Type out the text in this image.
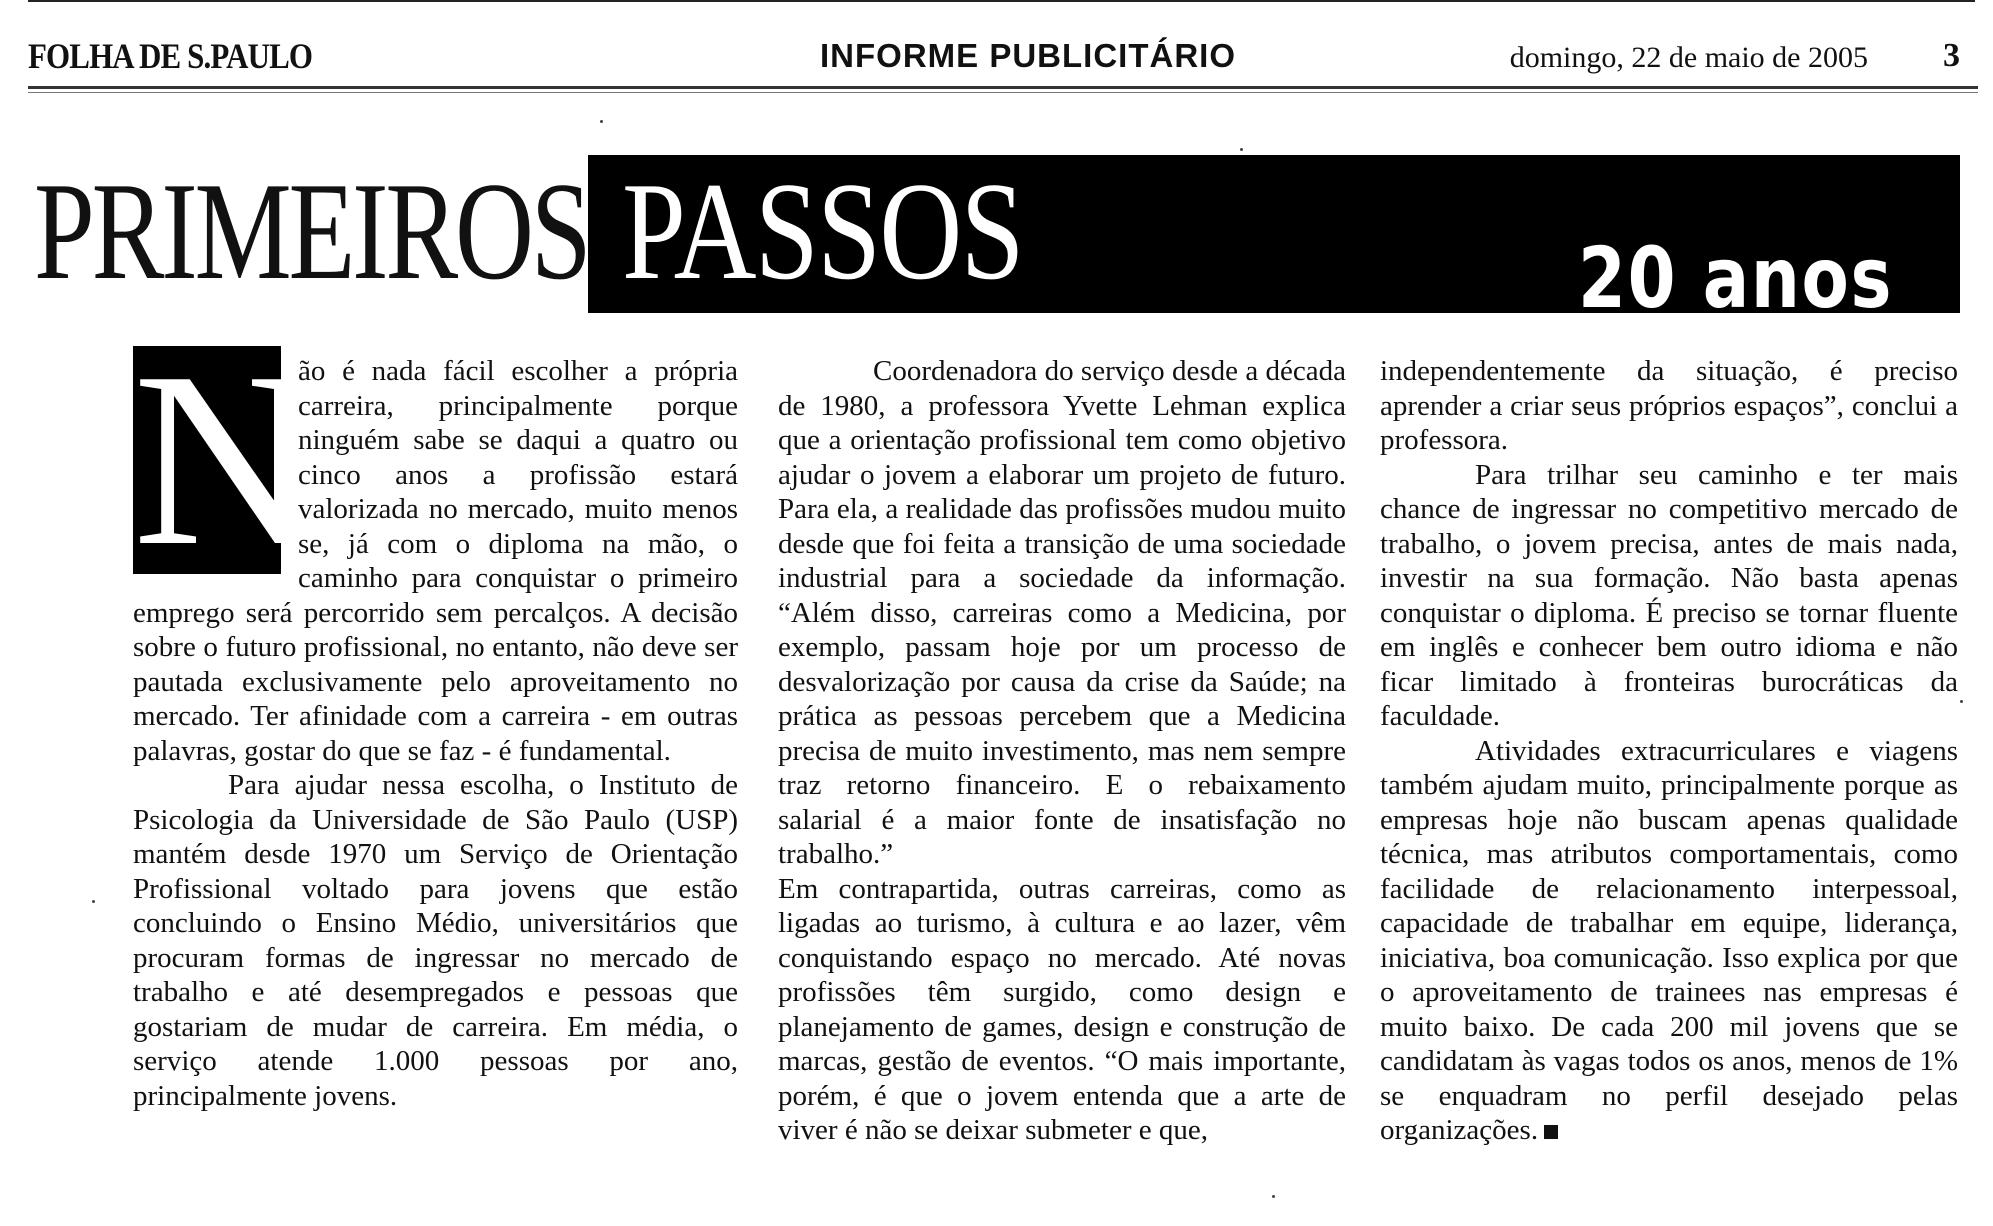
FOLHA DE S.PAULO	INFORME PUBLICITÁRIO	domingo, 22 de maio de 2005 3
PRIMEIROS PASSOS	20 anos
N

ão é nada fácil escolher a própria carreira, principalmente porque ninguém sabe se daqui a quatro ou cinco anos a profissão estará valorizada no mercado, muito menos se, já com o diploma na mão, o caminho para conquistar o primeiro emprego será percorrido sem percalços. A decisão sobre o futuro profissional, no entanto, não deve ser pautada exclusivamente pelo aproveitamento no mercado. Ter afinidade com a carreira - em outras palavras, gostar do que se faz - é fundamental.

Para ajudar nessa escolha, o Instituto de Psicologia da Universidade de São Paulo (USP) mantém desde 1970 um Serviço de Orientação Profissional voltado para jovens que estão concluindo o Ensino Médio, universitários que procuram formas de ingressar no mercado de trabalho e até desempregados e pessoas que gostariam de mudar de carreira. Em média, o serviço atende 1.000 pessoas por ano, principalmente jovens.

Coordenadora do serviço desde a década de 1980, a professora Yvette Lehman explica que a orientação profissional tem como objetivo ajudar o jovem a elaborar um projeto de futuro. Para ela, a realidade das profissões mudou muito desde que foi feita a transição de uma sociedade industrial para a sociedade da informação. “Além disso, carreiras como a Medicina, por exemplo, passam hoje por um processo de desvalorização por causa da crise da Saúde; na prática as pessoas percebem que a Medicina precisa de muito investimento, mas nem sempre traz retorno financeiro. E o rebaixamento salarial é a maior fonte de insatisfação no trabalho.”

Em contrapartida, outras carreiras, como as ligadas ao turismo, à cultura e ao lazer, vêm conquistando espaço no mercado. Até novas profissões têm surgido, como design e planejamento de games, design e construção de marcas, gestão de eventos. “O mais importante, porém, é que o jovem entenda que a arte de viver é não se deixar submeter e que,

independentemente da situação, é preciso aprender a criar seus próprios espaços”, conclui a professora.

Para trilhar seu caminho e ter mais chance de ingressar no competitivo mercado de trabalho, o jovem precisa, antes de mais nada, investir na sua formação. Não basta apenas conquistar o diploma. É preciso se tornar fluente em inglês e conhecer bem outro idioma e não ficar limitado à fronteiras burocráticas da faculdade.

Atividades extracurriculares e viagens também ajudam muito, principalmente porque as empresas hoje não buscam apenas qualidade técnica, mas atributos comportamentais, como facilidade de relacionamento interpessoal, capacidade de trabalhar em equipe, liderança, iniciativa, boa comunicação. Isso explica por que o aproveitamento de trainees nas empresas é muito baixo. De cada 200 mil jovens que se candidatam às vagas todos os anos, menos de 1% se enquadram no perfil desejado pelas organizações.
